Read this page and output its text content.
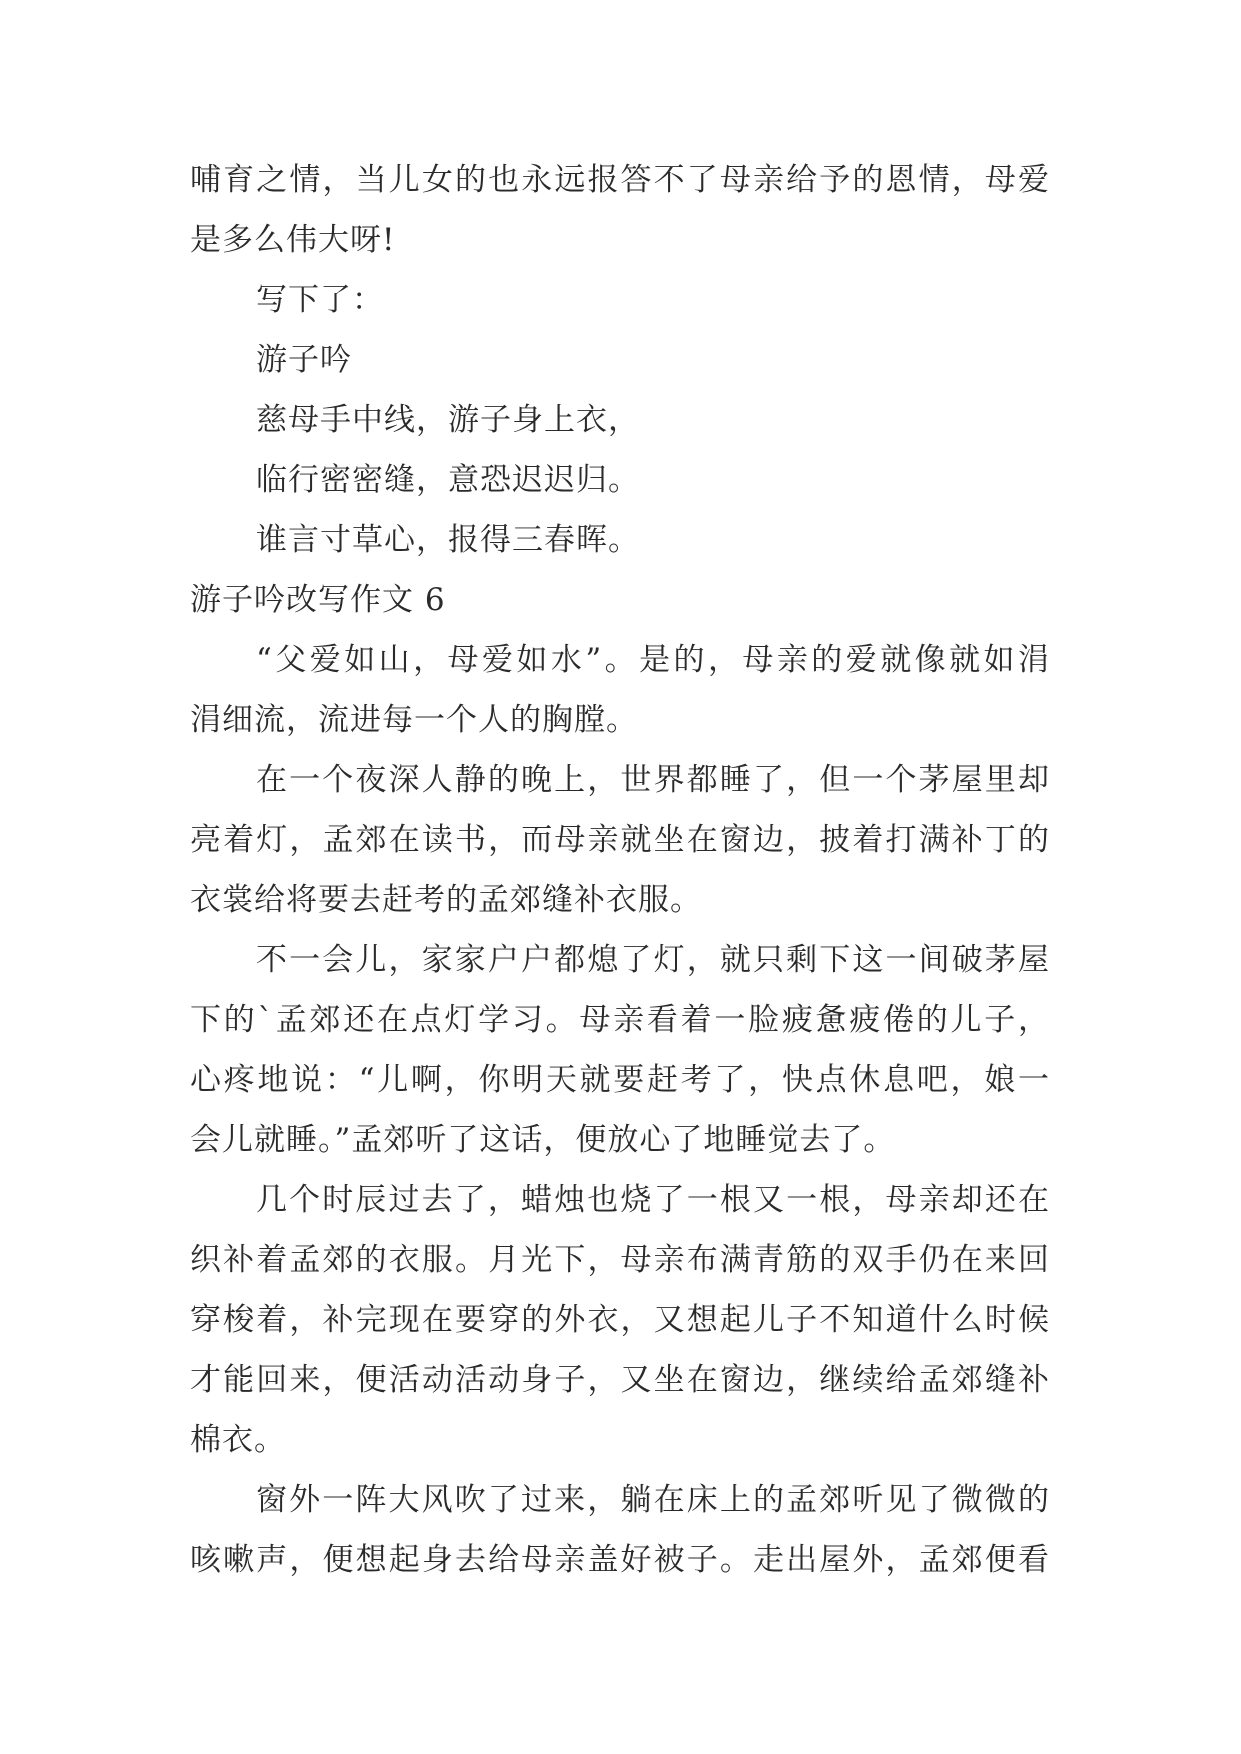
哺育之情，当儿女的也永远报答不了母亲给予的恩情，母爱
是多么伟大呀!
写下了：
游子吟
慈母手中线，游子身上衣，
临行密密缝，意恐迟迟归。
谁言寸草心，报得三春晖。
游子吟改写作文 6
“父爱如山，母爱如水”。是的，母亲的爱就像就如涓
涓细流，流进每一个人的胸膛。
在一个夜深人静的晚上，世界都睡了，但一个茅屋里却
亮着灯，孟郊在读书，而母亲就坐在窗边，披着打满补丁的
衣裳给将要去赶考的孟郊缝补衣服。
不一会儿，家家户户都熄了灯，就只剩下这一间破茅屋
下的`孟郊还在点灯学习。母亲看着一脸疲惫疲倦的儿子，
心疼地说：“儿啊，你明天就要赶考了，快点休息吧，娘一
会儿就睡。”孟郊听了这话，便放心了地睡觉去了。
几个时辰过去了，蜡烛也烧了一根又一根，母亲却还在
织补着孟郊的衣服。月光下，母亲布满青筋的双手仍在来回
穿梭着，补完现在要穿的外衣，又想起儿子不知道什么时候
才能回来，便活动活动身子，又坐在窗边，继续给孟郊缝补
棉衣。
窗外一阵大风吹了过来，躺在床上的孟郊听见了微微的
咳嗽声，便想起身去给母亲盖好被子。走出屋外，孟郊便看
